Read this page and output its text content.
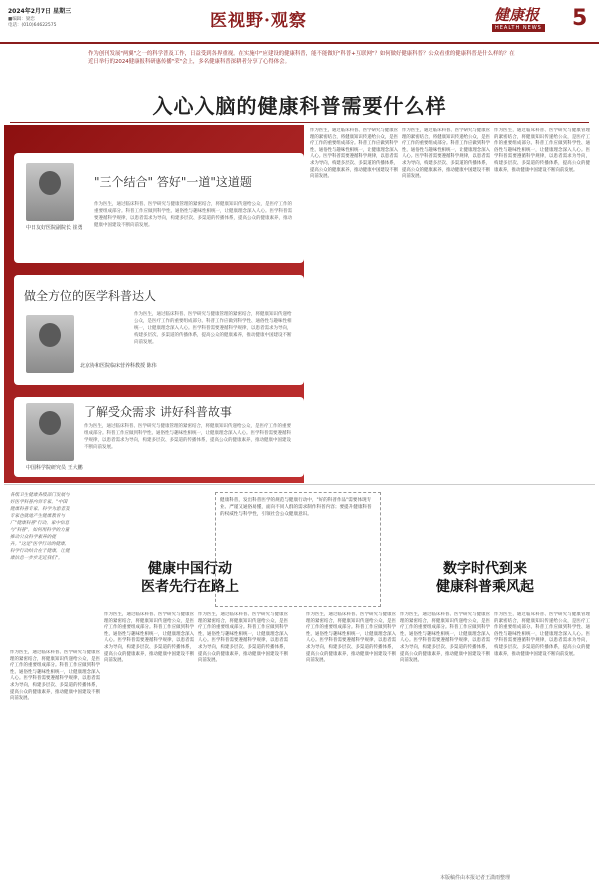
2024年2月7日 星期三
■编辑：梁恋
电话：(010)64622575	医视野·观察	健康报
HEALTH NEWS 5
作为创刊发展"两翼"之一的科学普及工作，日益受到各界重视。在实施中"应建设的健康科普，能不能做好"科普+互联网"？如何做好健康科普？公众看重的健康科普是什么样的？在近日举行的2024健康报科研惠传播"荣"会上，多名健康科普深耕者分享了心得体会。
入心入脑的健康科普需要什么样
中日友好医院副院长 崔勇
"三个结合" 答好"一道"这道题
作为医生，通过临床科普、医学研究与健康管理的紧密结合，将健康知识传递给公众，是医疗工作的重要组成部分。科普工作应做到科学性、通俗性与趣味性相统一，让健康理念深入人心。医学科普需要遵循科学规律，以患者需求为导向，构建多层次、多渠道的传播体系，提高公众的健康素养，推动健康中国建设不断向前发展。
做全方位的医学科普达人
北京协和医院临床营养科教授 陈伟
作为医生，通过临床科普、医学研究与健康管理的紧密结合，将健康知识传递给公众，是医疗工作的重要组成部分。科普工作应做到科学性、通俗性与趣味性相统一，让健康理念深入人心。医学科普需要遵循科学规律，以患者需求为导向，构建多层次、多渠道的传播体系，提高公众的健康素养，推动健康中国建设不断向前发展。
了解受众需求 讲好科普故事
中国科学院研究员 王大鹏
作为医生，通过临床科普、医学研究与健康管理的紧密结合，将健康知识传递给公众，是医疗工作的重要组成部分。科普工作应做到科学性、通俗性与趣味性相统一，让健康理念深入人心。医学科普需要遵循科学规律，以患者需求为导向，构建多层次、多渠道的传播体系，提高公众的健康素养，推动健康中国建设不断向前发展。
作为医生，通过临床科普、医学研究与健康管理的紧密结合，将健康知识传递给公众，是医疗工作的重要组成部分。科普工作应做到科学性、通俗性与趣味性相统一，让健康理念深入人心。医学科普需要遵循科学规律，以患者需求为导向，构建多层次、多渠道的传播体系，提高公众的健康素养，推动健康中国建设不断向前发展。
作为医生，通过临床科普、医学研究与健康管理的紧密结合，将健康知识传递给公众，是医疗工作的重要组成部分。科普工作应做到科学性、通俗性与趣味性相统一，让健康理念深入人心。医学科普需要遵循科学规律，以患者需求为导向，构建多层次、多渠道的传播体系，提高公众的健康素养，推动健康中国建设不断向前发展。
作为医生，通过临床科普、医学研究与健康管理的紧密结合，将健康知识传递给公众，是医疗工作的重要组成部分。科普工作应做到科学性、通俗性与趣味性相统一，让健康理念深入人心。医学科普需要遵循科学规律，以患者需求为导向，构建多层次、多渠道的传播体系，提高公众的健康素养，推动健康中国建设不断向前发展。
各级卫生健康各级部门发展与好医学科普内容专家，"中国健康科普专家，科学为患者及专家也就地产生健康教育与广"健康科普"行动，家中信息与"科普"，如何用科学的力量推动公众科学素养的提升。"这是"医学行动的健康、科学行动结合在于健康，让健康信息一步步走近我们"。
健康中国行动
医者先行在路上

健康科普，发出科普医学的规范与健康行动中，"好的科普作品"需要体现专业、严谨又通俗易懂，面向不同人群的需求制作科普内容；要提升健康科普的权威性与科学性，引领社会公众健康意识。

数字时代到来
健康科普乘风起
作为医生，通过临床科普、医学研究与健康管理的紧密结合，将健康知识传递给公众，是医疗工作的重要组成部分。科普工作应做到科学性、通俗性与趣味性相统一，让健康理念深入人心。医学科普需要遵循科学规律，以患者需求为导向，构建多层次、多渠道的传播体系，提高公众的健康素养，推动健康中国建设不断向前发展。
作为医生，通过临床科普、医学研究与健康管理的紧密结合，将健康知识传递给公众，是医疗工作的重要组成部分。科普工作应做到科学性、通俗性与趣味性相统一，让健康理念深入人心。医学科普需要遵循科学规律，以患者需求为导向，构建多层次、多渠道的传播体系，提高公众的健康素养，推动健康中国建设不断向前发展。
作为医生，通过临床科普、医学研究与健康管理的紧密结合，将健康知识传递给公众，是医疗工作的重要组成部分。科普工作应做到科学性、通俗性与趣味性相统一，让健康理念深入人心。医学科普需要遵循科学规律，以患者需求为导向，构建多层次、多渠道的传播体系，提高公众的健康素养，推动健康中国建设不断向前发展。
作为医生，通过临床科普、医学研究与健康管理的紧密结合，将健康知识传递给公众，是医疗工作的重要组成部分。科普工作应做到科学性、通俗性与趣味性相统一，让健康理念深入人心。医学科普需要遵循科学规律，以患者需求为导向，构建多层次、多渠道的传播体系，提高公众的健康素养，推动健康中国建设不断向前发展。
作为医生，通过临床科普、医学研究与健康管理的紧密结合，将健康知识传递给公众，是医疗工作的重要组成部分。科普工作应做到科学性、通俗性与趣味性相统一，让健康理念深入人心。医学科普需要遵循科学规律，以患者需求为导向，构建多层次、多渠道的传播体系，提高公众的健康素养，推动健康中国建设不断向前发展。
作为医生，通过临床科普、医学研究与健康管理的紧密结合，将健康知识传递给公众，是医疗工作的重要组成部分。科普工作应做到科学性、通俗性与趣味性相统一，让健康理念深入人心。医学科普需要遵循科学规律，以患者需求为导向，构建多层次、多渠道的传播体系，提高公众的健康素养，推动健康中国建设不断向前发展。
本版稿件由本报记者王潇雨整理
